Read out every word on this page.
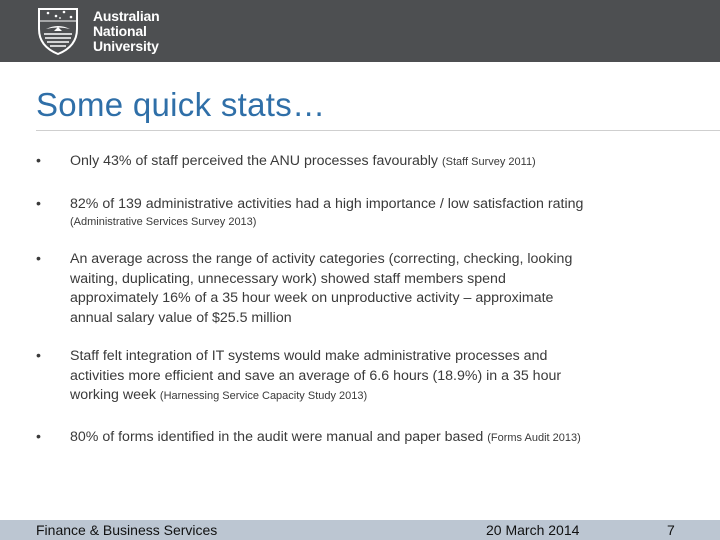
Australian
National
University
Some quick stats…
•	Only 43% of staff perceived the ANU processes favourably (Staff Survey 2011)
•	82% of 139 administrative activities had a high importance / low satisfaction rating
(Administrative Services Survey 2013)
•	An average across the range of activity categories (correcting, checking, looking
waiting, duplicating, unnecessary work) showed staff members spend
approximately 16% of a 35 hour week on unproductive activity – approximate
annual salary value of $25.5 million
•	Staff felt integration of IT systems would make administrative processes and
activities more efficient and save an average of 6.6 hours (18.9%) in a 35 hour
working week (Harnessing Service Capacity Study 2013)
•	80% of forms identified in the audit were manual and paper based (Forms Audit 2013)
Finance & Business Services	20 March 2014	7
